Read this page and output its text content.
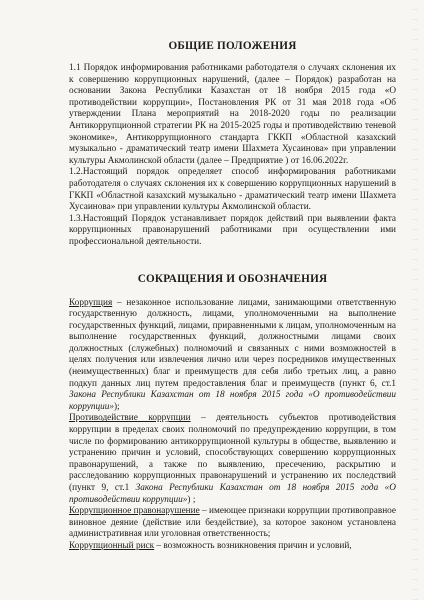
ОБЩИЕ ПОЛОЖЕНИЯ

1.1 Порядок информирования работниками работодателя о случаях склонения их к совершению коррупционных нарушений, (далее – Порядок) разработан на основании Закона Республики Казахстан от 18 ноября 2015 года «О противодействии коррупции», Постановления РК от 31 мая 2018 года «Об утверждении Плана мероприятий на 2018-2020 годы по реализации Антикоррупционной стратегии РК на 2015-2025 годы и противодействию теневой экономике», Антикоррупционного стандарта ГККП «Областной казахский музыкально - драматический театр имени Шахмета Хусаинова» при управлении культуры Акмолинской области (далее – Предприятие ) от 16.06.2022г.

1.2.Настоящий порядок определяет способ информирования работниками работодателя о случаях склонения их к совершению коррупционных нарушений в ГККП «Областной казахский музыкально - драматический театр имени Шахмета Хусаинова» при управлении культуры Акмолинской области.

1.3.Настоящий Порядок устанавливает порядок действий при выявлении факта коррупционных правонарушений работниками при осуществлении ими профессиональной деятельности.

СОКРАЩЕНИЯ И ОБОЗНАЧЕНИЯ

Коррупция – незаконное использование лицами, занимающими ответственную государственную должность, лицами, уполномоченными на выполнение государственных функций, лицами, приравненными к лицам, уполномоченным на выполнение государственных функций, должностными лицами своих должностных (служебных) полномочий и связанных с ними возможностей в целях получения или извлечения лично или через посредников имущественных (неимущественных) благ и преимуществ для себя либо третьих лиц, а равно подкуп данных лиц путем предоставления благ и преимуществ (пункт 6, ст.1 Закона Республики Казахстан от 18 ноября 2015 года «О противодействии коррупции»);

Противодействие коррупции – деятельность субъектов противодействия коррупции в пределах своих полномочий по предупреждению коррупции, в том числе по формированию антикоррупционной культуры в обществе, выявлению и устранению причин и условий, способствующих совершению коррупционных правонарушений, а также по выявлению, пресечению, раскрытию и расследованию коррупционных правонарушений и устранению их последствий (пункт 9, ст.1 Закона Республики Казахстан от 18 ноября 2015 года «О противодействии коррупции») ;

Коррупционное правонарушение – имеющее признаки коррупции противоправное виновное деяние (действие или бездействие), за которое законом установлена административная или уголовная ответственность;

Коррупционный риск – возможность возникновения причин и условий,
